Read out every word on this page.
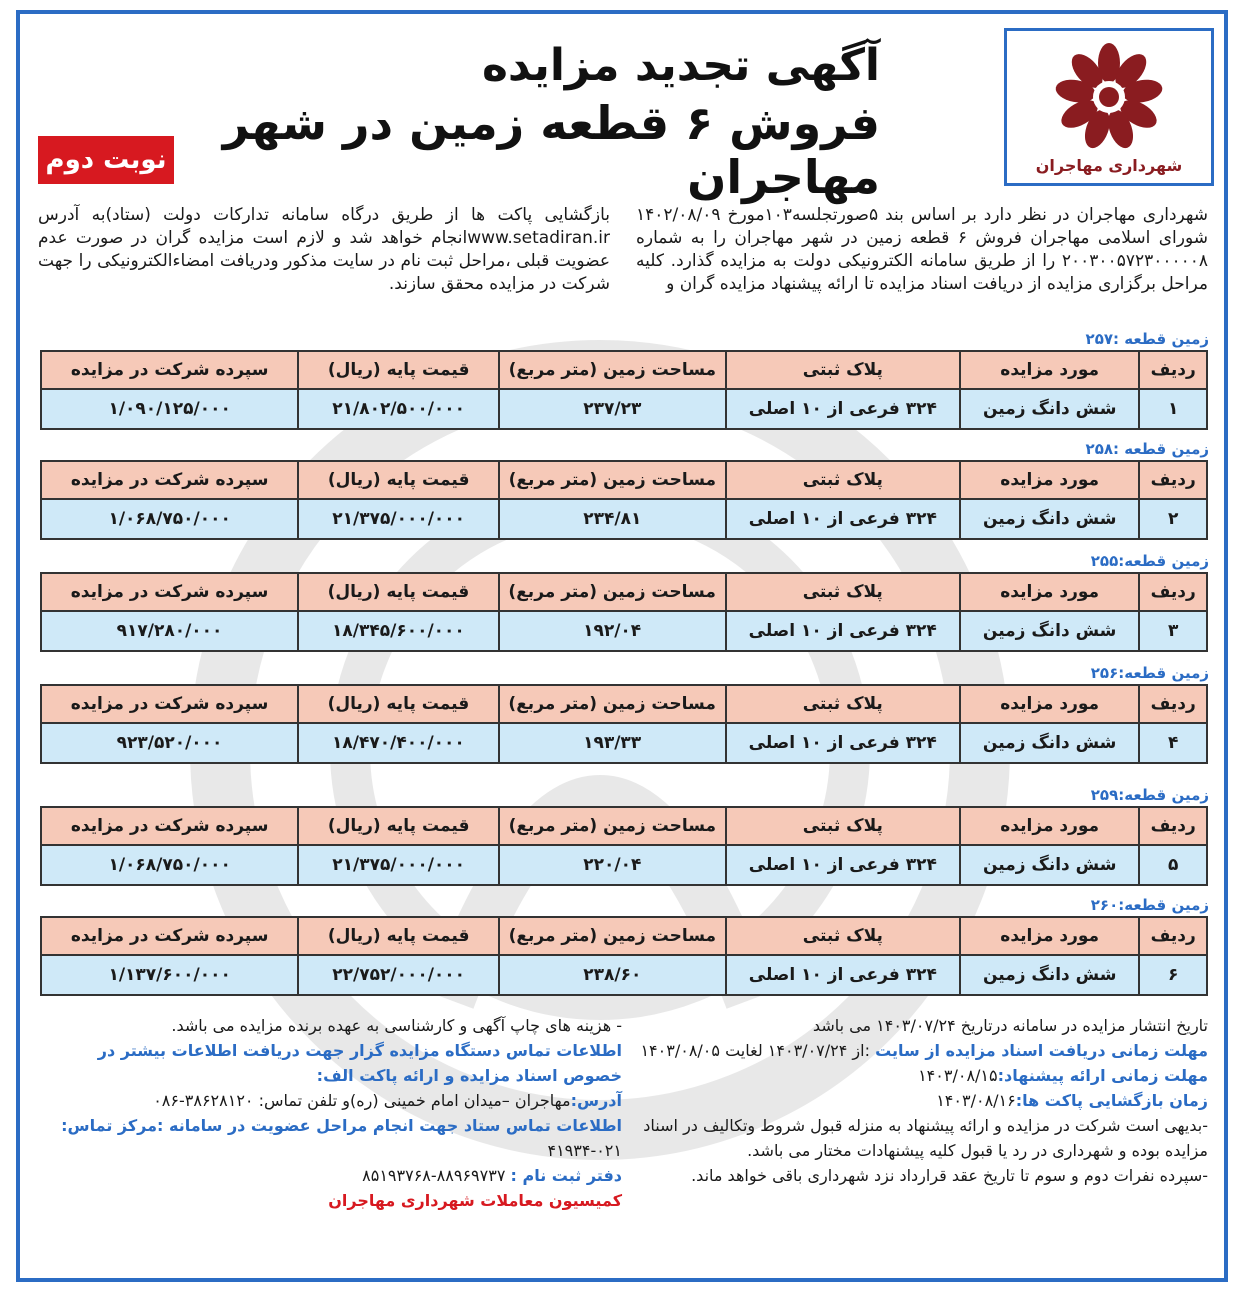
آگهی تجدید مزایده
فروش ۶ قطعه زمین در شهر مهاجران
نوبت دوم	شهرداری مهاجران
شهرداری مهاجران در نظر دارد بر اساس بند ۵صورتجلسه۱۰۳مورخ ۱۴۰۲/۰۸/۰۹ شورای اسلامی مهاجران فروش ۶ قطعه زمین در شهر مهاجران را به شماره ۲۰۰۳۰۰۵۷۲۳۰۰۰۰۰۸ را از طریق سامانه الکترونیکی دولت به مزایده گذارد. کلیه مراحل برگزاری مزایده از دریافت اسناد مزایده تا ارائه پیشنهاد مزایده گران و
بازگشایی پاکت ها از طریق درگاه سامانه تدارکات دولت (ستاد)به آدرس www.setadiran.irانجام خواهد شد و لازم است مزایده گران در صورت عدم عضویت قبلی ،مراحل ثبت نام در سایت مذکور ودریافت امضاءالکترونیکی را جهت شرکت در مزایده محقق سازند.
زمین قطعه :۲۵۷
ردیف	مورد مزایده	پلاک ثبتی	مساحت زمین (متر مربع)	قیمت پایه (ریال)	سپرده شرکت در مزایده
۱	شش دانگ زمین	۳۲۴ فرعی از ۱۰ اصلی	۲۳۷/۲۳	۲۱/۸۰۲/۵۰۰/۰۰۰	۱/۰۹۰/۱۲۵/۰۰۰
زمین قطعه :۲۵۸
ردیف	مورد مزایده	پلاک ثبتی	مساحت زمین (متر مربع)	قیمت پایه (ریال)	سپرده شرکت در مزایده
۲	شش دانگ زمین	۳۲۴ فرعی از ۱۰ اصلی	۲۳۴/۸۱	۲۱/۳۷۵/۰۰۰/۰۰۰	۱/۰۶۸/۷۵۰/۰۰۰
زمین قطعه:۲۵۵
ردیف	مورد مزایده	پلاک ثبتی	مساحت زمین (متر مربع)	قیمت پایه (ریال)	سپرده شرکت در مزایده
۳	شش دانگ زمین	۳۲۴ فرعی از ۱۰ اصلی	۱۹۲/۰۴	۱۸/۳۴۵/۶۰۰/۰۰۰	۹۱۷/۲۸۰/۰۰۰
زمین قطعه:۲۵۶
ردیف	مورد مزایده	پلاک ثبتی	مساحت زمین (متر مربع)	قیمت پایه (ریال)	سپرده شرکت در مزایده
۴	شش دانگ زمین	۳۲۴ فرعی از ۱۰ اصلی	۱۹۳/۳۳	۱۸/۴۷۰/۴۰۰/۰۰۰	۹۲۳/۵۲۰/۰۰۰
زمین قطعه:۲۵۹
ردیف	مورد مزایده	پلاک ثبتی	مساحت زمین (متر مربع)	قیمت پایه (ریال)	سپرده شرکت در مزایده
۵	شش دانگ زمین	۳۲۴ فرعی از ۱۰ اصلی	۲۲۰/۰۴	۲۱/۳۷۵/۰۰۰/۰۰۰	۱/۰۶۸/۷۵۰/۰۰۰
زمین قطعه:۲۶۰
ردیف	مورد مزایده	پلاک ثبتی	مساحت زمین (متر مربع)	قیمت پایه (ریال)	سپرده شرکت در مزایده
۶	شش دانگ زمین	۳۲۴ فرعی از ۱۰ اصلی	۲۳۸/۶۰	۲۲/۷۵۲/۰۰۰/۰۰۰	۱/۱۳۷/۶۰۰/۰۰۰
تاریخ انتشار مزایده در سامانه درتاریخ ۱۴۰۳/۰۷/۲۴ می باشد
مهلت زمانی دریافت اسناد مزایده از سایت :از ۱۴۰۳/۰۷/۲۴ لغایت ۱۴۰۳/۰۸/۰۵
مهلت زمانی ارائه پیشنهاد:۱۴۰۳/۰۸/۱۵
زمان بازگشایی پاکت ها:۱۴۰۳/۰۸/۱۶
-بدیهی است شرکت در مزایده و ارائه پیشنهاد به منزله قبول شروط وتکالیف در اسناد مزایده بوده و شهرداری در رد یا قبول کلیه پیشنهادات مختار می باشد.
-سپرده نفرات دوم و سوم تا تاریخ عقد قرارداد نزد شهرداری باقی خواهد ماند.
- هزینه های چاپ آگهی و کارشناسی به عهده برنده مزایده می باشد.
اطلاعات تماس دستگاه مزایده گزار جهت دریافت اطلاعات بیشتر در خصوص اسناد مزایده و ارائه پاکت الف:
آدرس:مهاجران –میدان امام خمینی (ره)و تلفن تماس: ۳۸۶۲۸۱۲۰-۰۸۶
اطلاعات تماس ستاد جهت انجام مراحل عضویت در سامانه :مرکز تماس:
۴۱۹۳۴-۰۲۱
دفتر ثبت نام : ۸۸۹۶۹۷۳۷-۸۵۱۹۳۷۶۸
کمیسیون معاملات شهرداری مهاجران
